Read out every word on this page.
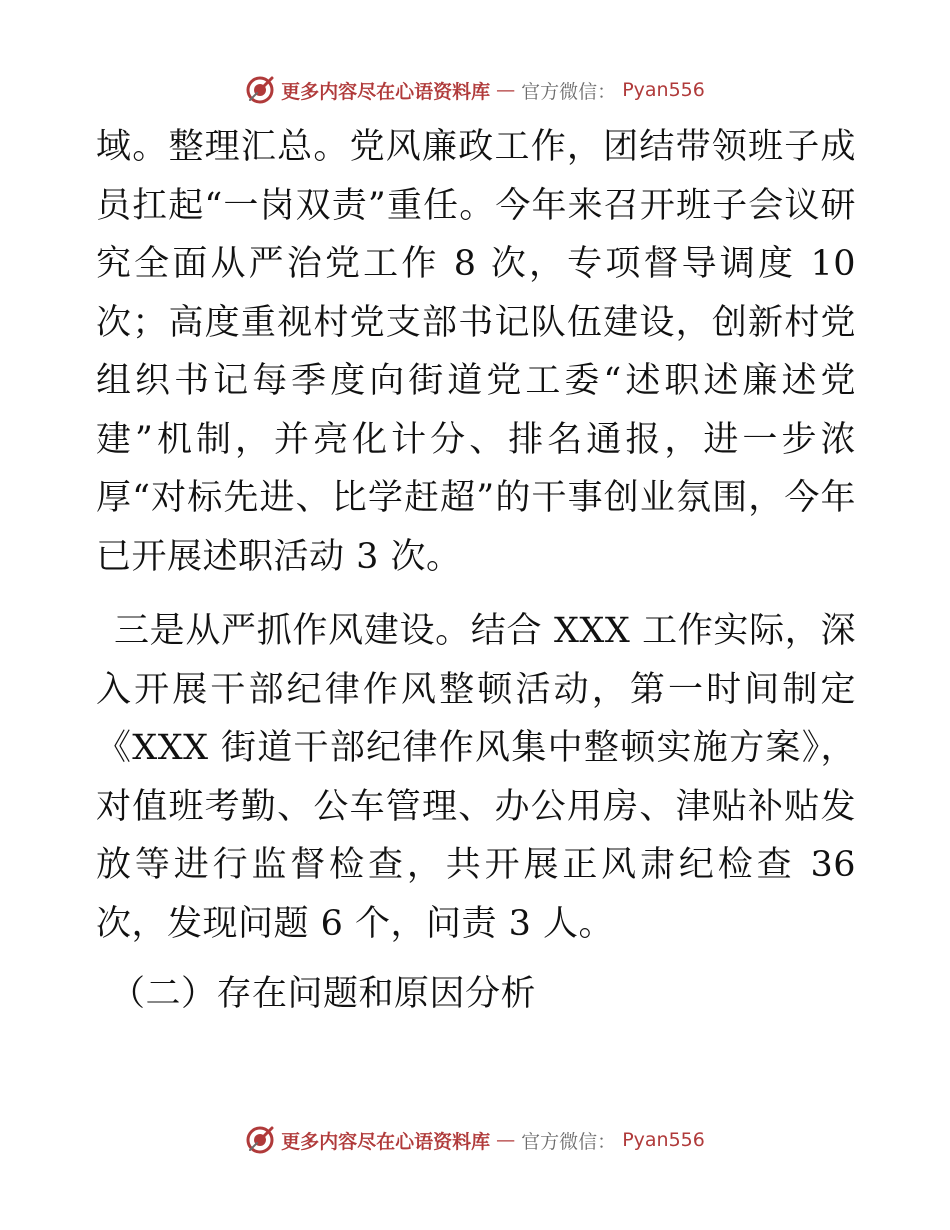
更多内容尽在心语资料库 — 官方微信： Pyan556

域。整理汇总。党风廉政工作，团结带领班子成员扛起“一岗双责”重任。今年来召开班子会议研究全面从严治党工作 8 次，专项督导调度 10 次；高度重视村党支部书记队伍建设，创新村党组织书记每季度向街道党工委“述职述廉述党建”机制，并亮化计分、排名通报，进一步浓厚“对标先进、比学赶超”的干事创业氛围，今年已开展述职活动 3 次。

三是从严抓作风建设。结合 XXX 工作实际，深入开展干部纪律作风整顿活动，第一时间制定《XXX 街道干部纪律作风集中整顿实施方案》，对值班考勤、公车管理、办公用房、津贴补贴发放等进行监督检查，共开展正风肃纪检查 36 次，发现问题 6 个，问责 3 人。

（二）存在问题和原因分析

更多内容尽在心语资料库 — 官方微信： Pyan556
